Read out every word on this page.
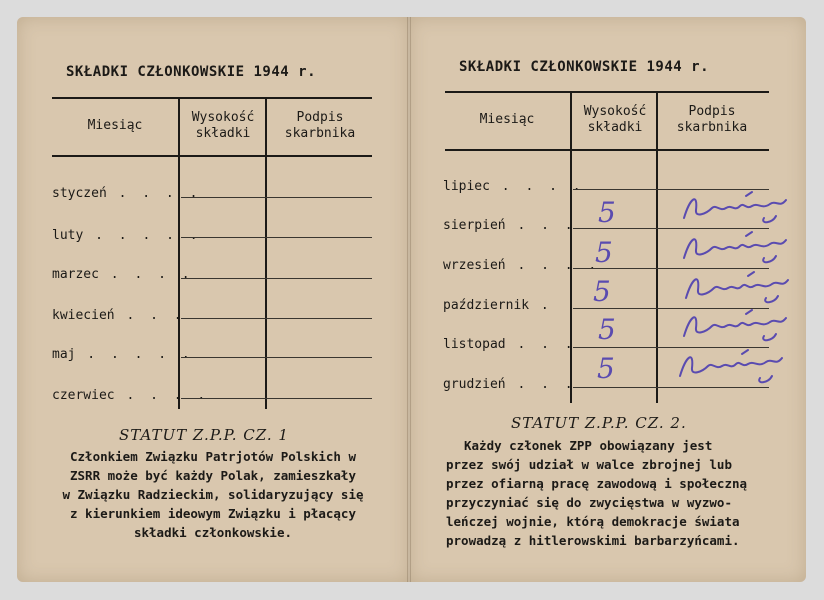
SKŁADKI CZŁONKOWSKIE 1944 r.
Miesiąc
Wysokość składki
Podpis skarbnika
styczeń . . . .
luty . . . . .
marzec . . . .
kwiecień . . .
maj . . . . .
czerwiec . . . .
STATUT Z.P.P. CZ. 1
Członkiem Związku Patrjotów Polskich w
ZSRR może być każdy Polak, zamieszkały
w Związku Radzieckim, solidaryzujący się
z kierunkiem ideowym Związku i płacący
składki członkowskie.
SKŁADKI CZŁONKOWSKIE 1944 r.
Miesiąc
Wysokość składki
Podpis skarbnika
lipiec . . . .
sierpień . . .
wrzesień . . . .
październik .
listopad . . .
grudzień . . .
5
5
5
5
5
STATUT Z.P.P. CZ. 2.
Każdy członek ZPP obowiązany jest
przez swój udział w walce zbrojnej lub
przez ofiarną pracę zawodową i społeczną
przyczyniać się do zwycięstwa w wyzwo-
leńczej wojnie, którą demokracje świata
prowadzą z hitlerowskimi barbarzyńcami.
